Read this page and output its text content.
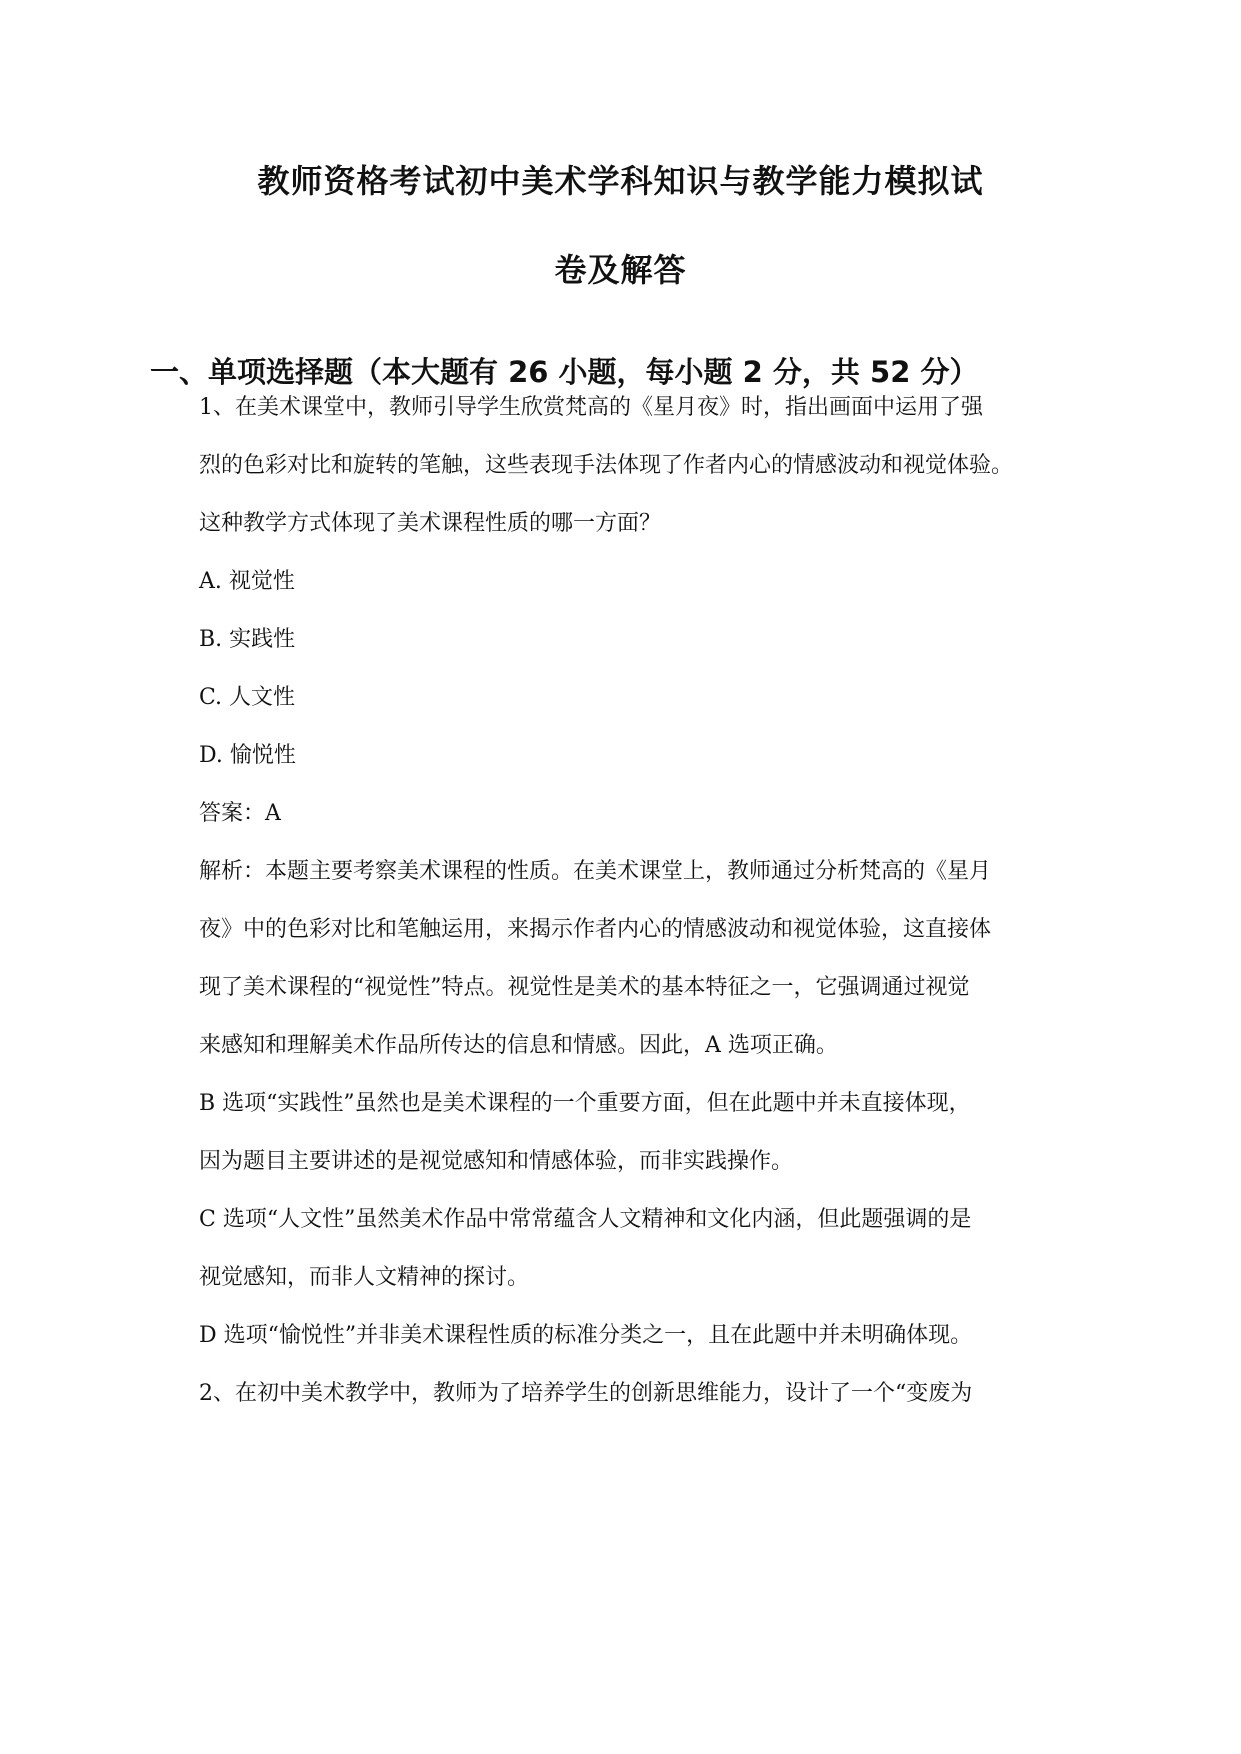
教师资格考试初中美术学科知识与教学能力模拟试
卷及解答
一、单项选择题（本大题有 26 小题，每小题 2 分，共 52 分）

1、在美术课堂中，教师引导学生欣赏梵高的《星月夜》时，指出画面中运用了强

烈的色彩对比和旋转的笔触，这些表现手法体现了作者内心的情感波动和视觉体验。

这种教学方式体现了美术课程性质的哪一方面？

A. 视觉性

B. 实践性

C. 人文性

D. 愉悦性

答案：A

解析：本题主要考察美术课程的性质。在美术课堂上，教师通过分析梵高的《星月

夜》中的色彩对比和笔触运用，来揭示作者内心的情感波动和视觉体验，这直接体

现了美术课程的“视觉性”特点。视觉性是美术的基本特征之一，它强调通过视觉

来感知和理解美术作品所传达的信息和情感。因此，A 选项正确。

B 选项“实践性”虽然也是美术课程的一个重要方面，但在此题中并未直接体现，

因为题目主要讲述的是视觉感知和情感体验，而非实践操作。

C 选项“人文性”虽然美术作品中常常蕴含人文精神和文化内涵，但此题强调的是

视觉感知，而非人文精神的探讨。

D 选项“愉悦性”并非美术课程性质的标准分类之一，且在此题中并未明确体现。

2、在初中美术教学中，教师为了培养学生的创新思维能力，设计了一个“变废为
